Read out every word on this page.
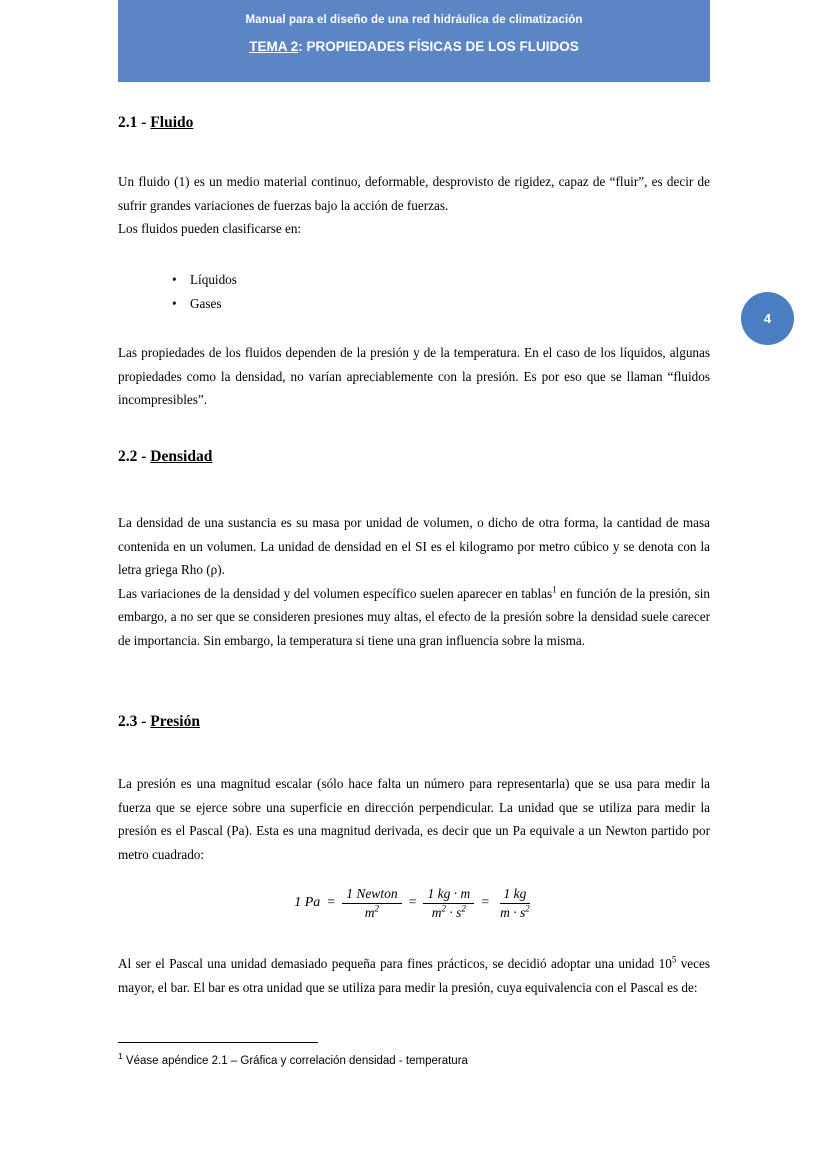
Manual para el diseño de una red hidráulica de climatización
TEMA 2: PROPIEDADES FÍSICAS DE LOS FLUIDOS
4
2.1 - Fluido

Un fluido (1) es un medio material continuo, deformable, desprovisto de rigidez, capaz de “fluir”, es decir de sufrir grandes variaciones de fuerzas bajo la acción de fuerzas.

Los fluidos pueden clasificarse en:

• Líquidos
• Gases

Las propiedades de los fluidos dependen de la presión y de la temperatura. En el caso de los líquidos, algunas propiedades como la densidad, no varían apreciablemente con la presión. Es por eso que se llaman “fluidos incompresibles”.

2.2 - Densidad

La densidad de una sustancia es su masa por unidad de volumen, o dicho de otra forma, la cantidad de masa contenida en un volumen. La unidad de densidad en el SI es el kilogramo por metro cúbico y se denota con la letra griega Rho (ρ).

Las variaciones de la densidad y del volumen específico suelen aparecer en tablas$^1$ en función de la presión, sin embargo, a no ser que se consideren presiones muy altas, el efecto de la presión sobre la densidad suele carecer de importancia. Sin embargo, la temperatura si tiene una gran influencia sobre la misma.

2.3 - Presión

La presión es una magnitud escalar (sólo hace falta un número para representarla) que se usa para medir la fuerza que se ejerce sobre una superficie en dirección perpendicular. La unidad que se utiliza para medir la presión es el Pascal (Pa). Esta es una magnitud derivada, es decir que un Pa equivale a un Newton partido por metro cuadrado:

1 $Pa = \frac{\text{1 Newton}}{m^2} = \frac{1 kg \cdot m}{m^2 \cdot s^2} = \frac{1 kg}{m \cdot s^2}$

Al ser el Pascal una unidad demasiado pequeña para fines prácticos, se decidió adoptar una unidad $10^5$ veces mayor, el bar. El bar es otra unidad que se utiliza para medir la presión, cuya equivalencia con el Pascal es de:

$^1$ Véase apéndice 2.1 – Gráfica y correlación densidad - temperatura
